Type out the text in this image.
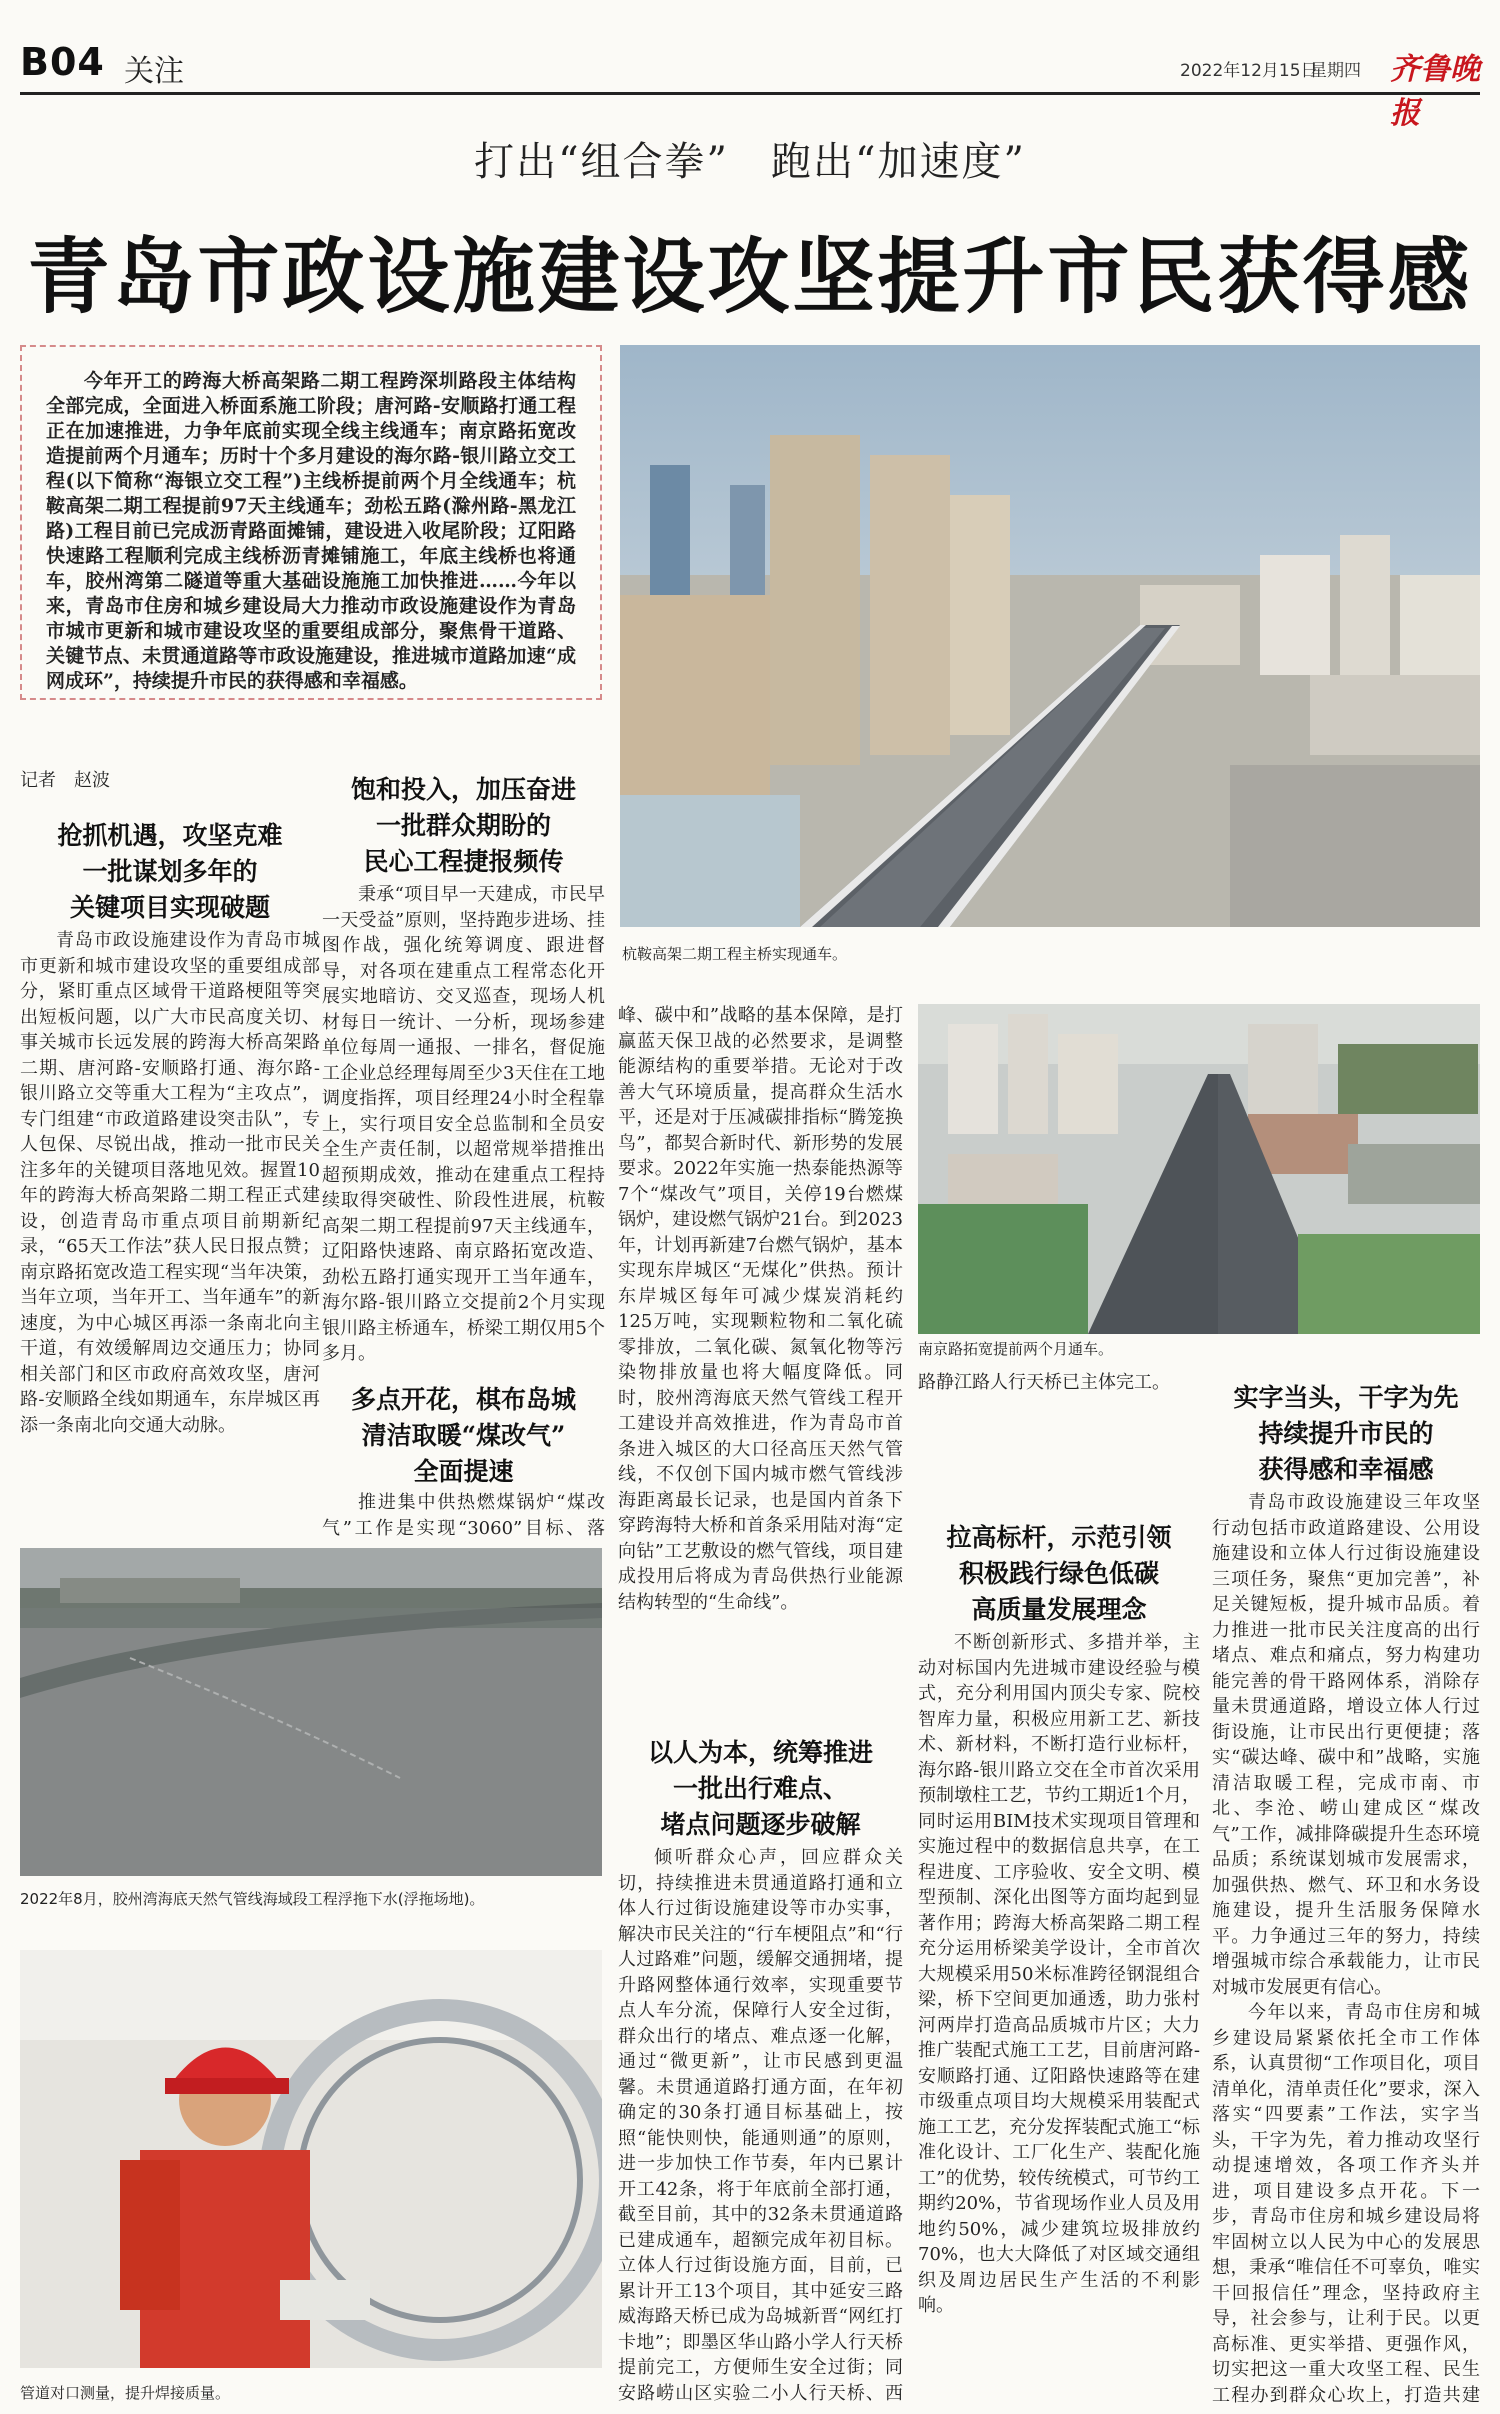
B04 关注	2022年12月15日
星期四 齐鲁晚报
打出“组合拳”　跑出“加速度”
青岛市政设施建设攻坚提升市民获得感

今年开工的跨海大桥高架路二期工程跨深圳路段主体结构全部完成，全面进入桥面系施工阶段；唐河路-安顺路打通工程正在加速推进，力争年底前实现全线主线通车；南京路拓宽改造提前两个月通车；历时十个多月建设的海尔路-银川路立交工程(以下简称“海银立交工程”)主线桥提前两个月全线通车；杭鞍高架二期工程提前97天主线通车；劲松五路(滁州路-黑龙江路)工程目前已完成沥青路面摊铺，建设进入收尾阶段；辽阳路快速路工程顺利完成主线桥沥青摊铺施工，年底主线桥也将通车，胶州湾第二隧道等重大基础设施施工加快推进……今年以来，青岛市住房和城乡建设局大力推动市政设施建设作为青岛市城市更新和城市建设攻坚的重要组成部分，聚焦骨干道路、关键节点、未贯通道路等市政设施建设，推进城市道路加速“成网成环”，持续提升市民的获得感和幸福感。

杭鞍高架二期工程主桥实现通车。
南京路拓宽提前两个月通车。
2022年8月，胶州湾海底天然气管线海域段工程浮拖下水(浮拖场地)。
管道对口测量，提升焊接质量。
记者　赵波
抢抓机遇，攻坚克难
一批谋划多年的
关键项目实现破题
青岛市政设施建设作为青岛市城市更新和城市建设攻坚的重要组成部分，紧盯重点区域骨干道路梗阻等突出短板问题，以广大市民高度关切、事关城市长远发展的跨海大桥高架路二期、唐河路-安顺路打通、海尔路-银川路立交等重大工程为“主攻点”，专门组建“市政道路建设突击队”，专人包保、尽锐出战，推动一批市民关注多年的关键项目落地见效。握置10年的跨海大桥高架路二期工程正式建设，创造青岛市重点项目前期新纪录，“65天工作法”获人民日报点赞；南京路拓宽改造工程实现“当年决策，当年立项，当年开工、当年通车”的新速度，为中心城区再添一条南北向主干道，有效缓解周边交通压力；协同相关部门和区市政府高效攻坚，唐河路-安顺路全线如期通车，东岸城区再添一条南北向交通大动脉。
饱和投入，加压奋进
一批群众期盼的
民心工程捷报频传
秉承“项目早一天建成，市民早一天受益”原则，坚持跑步进场、挂图作战，强化统筹调度、跟进督导，对各项在建重点工程常态化开展实地暗访、交叉巡查，现场人机材每日一统计、一分析，现场参建单位每周一通报、一排名，督促施工企业总经理每周至少3天住在工地调度指挥，项目经理24小时全程靠上，实行项目安全总监制和全员安全生产责任制，以超常规举措推出超预期成效，推动在建重点工程持续取得突破性、阶段性进展，杭鞍高架二期工程提前97天主线通车，辽阳路快速路、南京路拓宽改造、劲松五路打通实现开工当年通车，海尔路-银川路立交提前2个月实现银川路主桥通车，桥梁工期仅用5个多月。
多点开花，棋布岛城
清洁取暖“煤改气”
全面提速
推进集中供热燃煤锅炉“煤改气”工作是实现“3060”目标、落
峰、碳中和”战略的基本保障，是打赢蓝天保卫战的必然要求，是调整能源结构的重要举措。无论对于改善大气环境质量，提高群众生活水平，还是对于压减碳排指标“腾笼换鸟”，都契合新时代、新形势的发展要求。2022年实施一热泰能热源等7个“煤改气”项目，关停19台燃煤锅炉，建设燃气锅炉21台。到2023年，计划再新建7台燃气锅炉，基本实现东岸城区“无煤化”供热。预计东岸城区每年可减少煤炭消耗约125万吨，实现颗粒物和二氧化硫零排放，二氧化碳、氮氧化物等污染物排放量也将大幅度降低。同时，胶州湾海底天然气管线工程开工建设并高效推进，作为青岛市首条进入城区的大口径高压天然气管线，不仅创下国内城市燃气管线涉海距离最长记录，也是国内首条下穿跨海特大桥和首条采用陆对海“定向钻”工艺敷设的燃气管线，项目建成投用后将成为青岛供热行业能源结构转型的“生命线”。
以人为本，统筹推进
一批出行难点、
堵点问题逐步破解
倾听群众心声，回应群众关切，持续推进未贯通道路打通和立体人行过街设施建设等市办实事，解决市民关注的“行车梗阻点”和“行人过路难”问题，缓解交通拥堵，提升路网整体通行效率，实现重要节点人车分流，保障行人安全过街，群众出行的堵点、难点逐一化解，通过“微更新”，让市民感到更温馨。未贯通道路打通方面，在年初确定的30条打通目标基础上，按照“能快则快，能通则通”的原则，进一步加快工作节奏，年内已累计开工42条，将于年底前全部打通，截至目前，其中的32条未贯通道路已建成通车，超额完成年初目标。立体人行过街设施方面，目前，已累计开工13个项目，其中延安三路威海路天桥已成为岛城新晋“网红打卡地”；即墨区华山路小学人行天桥提前完工，方便师生安全过街；同安路崂山区实验二小人行天桥、西
路静江路人行天桥已主体完工。
拉高标杆，示范引领
积极践行绿色低碳
高质量发展理念
不断创新形式、多措并举，主动对标国内先进城市建设经验与模式，充分利用国内顶尖专家、院校智库力量，积极应用新工艺、新技术、新材料，不断打造行业标杆，海尔路-银川路立交在全市首次采用预制墩柱工艺，节约工期近1个月，同时运用BIM技术实现项目管理和实施过程中的数据信息共享，在工程进度、工序验收、安全文明、模型预制、深化出图等方面均起到显著作用；跨海大桥高架路二期工程充分运用桥梁美学设计，全市首次大规模采用50米标准跨径钢混组合梁，桥下空间更加通透，助力张村河两岸打造高品质城市片区；大力推广装配式施工工艺，目前唐河路-安顺路打通、辽阳路快速路等在建市级重点项目均大规模采用装配式施工工艺，充分发挥装配式施工“标准化设计、工厂化生产、装配化施工”的优势，较传统模式，可节约工期约20%，节省现场作业人员及用地约50%，减少建筑垃圾排放约70%，也大大降低了对区域交通组织及周边居民生产生活的不利影响。
实字当头，干字为先
持续提升市民的
获得感和幸福感
青岛市政设施建设三年攻坚行动包括市政道路建设、公用设施建设和立体人行过街设施建设三项任务，聚焦“更加完善”，补足关键短板，提升城市品质。着力推进一批市民关注度高的出行堵点、难点和痛点，努力构建功能完善的骨干路网体系，消除存量未贯通道路，增设立体人行过街设施，让市民出行更便捷；落实“碳达峰、碳中和”战略，实施清洁取暖工程，完成市南、市北、李沧、崂山建成区“煤改气”工作，减排降碳提升生态环境品质；系统谋划城市发展需求，加强供热、燃气、环卫和水务设施建设，提升生活服务保障水平。力争通过三年的努力，持续增强城市综合承载能力，让市民对城市发展更有信心。
今年以来，青岛市住房和城乡建设局紧紧依托全市工作体系，认真贯彻“工作项目化，项目清单化，清单责任化”要求，深入落实“四要素”工作法，实字当头，干字为先，着力推动攻坚行动提速增效，各项工作齐头并进，项目建设多点开花。下一步，青岛市住房和城乡建设局将牢固树立以人民为中心的发展思想，秉承“唯信任不可辜负，唯实干回报信任”理念，坚持政府主导，社会参与，让利于民。以更高标准、更实举措、更强作风，切实把这一重大攻坚工程、民生工程办到群众心坎上，打造共建
